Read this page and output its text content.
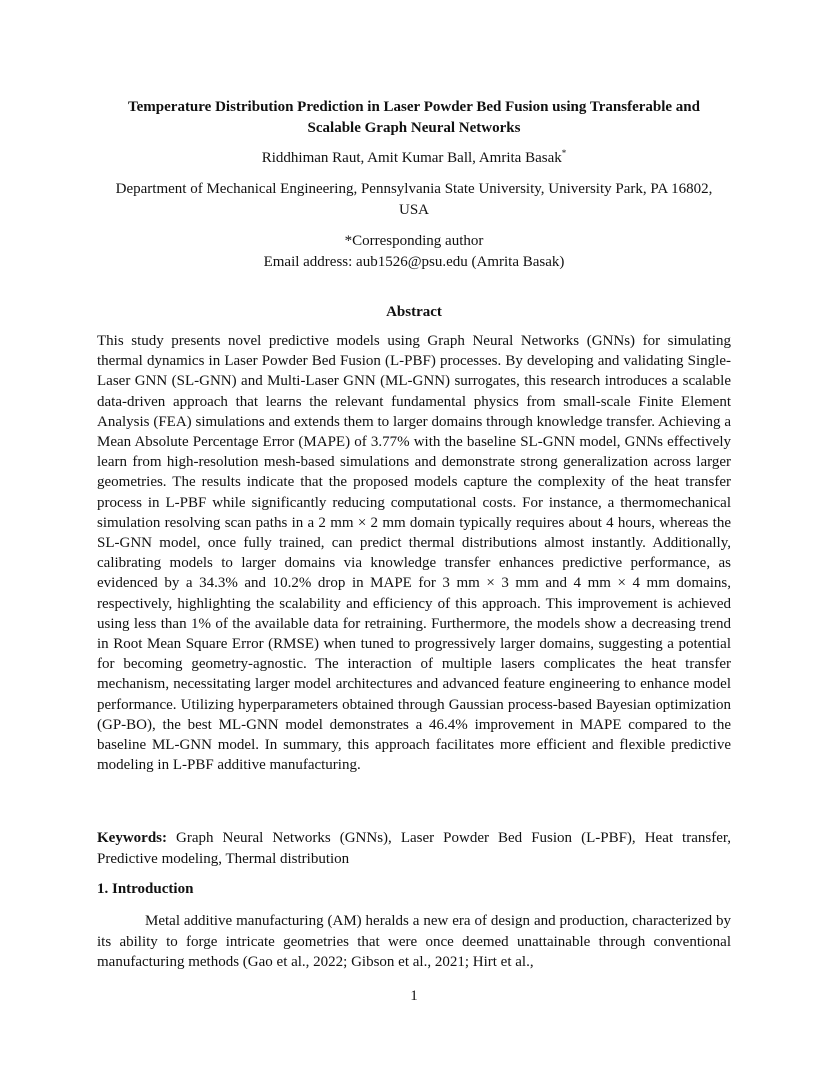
Temperature Distribution Prediction in Laser Powder Bed Fusion using Transferable and
Scalable Graph Neural Networks
Riddhiman Raut, Amit Kumar Ball, Amrita Basak*
Department of Mechanical Engineering, Pennsylvania State University, University Park, PA 16802, USA
*Corresponding author
Email address: aub1526@psu.edu (Amrita Basak)
Abstract

This study presents novel predictive models using Graph Neural Networks (GNNs) for simulating thermal dynamics in Laser Powder Bed Fusion (L-PBF) processes. By developing and validating Single-Laser GNN (SL-GNN) and Multi-Laser GNN (ML-GNN) surrogates, this research introduces a scalable data-driven approach that learns the relevant fundamental physics from small-scale Finite Element Analysis (FEA) simulations and extends them to larger domains through knowledge transfer. Achieving a Mean Absolute Percentage Error (MAPE) of 3.77% with the baseline SL-GNN model, GNNs effectively learn from high-resolution mesh-based simulations and demonstrate strong generalization across larger geometries. The results indicate that the proposed models capture the complexity of the heat transfer process in L-PBF while significantly reducing computational costs. For instance, a thermomechanical simulation resolving scan paths in a 2 mm × 2 mm domain typically requires about 4 hours, whereas the SL-GNN model, once fully trained, can predict thermal distributions almost instantly. Additionally, calibrating models to larger domains via knowledge transfer enhances predictive performance, as evidenced by a 34.3% and 10.2% drop in MAPE for 3 mm × 3 mm and 4 mm × 4 mm domains, respectively, highlighting the scalability and efficiency of this approach. This improvement is achieved using less than 1% of the available data for retraining. Furthermore, the models show a decreasing trend in Root Mean Square Error (RMSE) when tuned to progressively larger domains, suggesting a potential for becoming geometry-agnostic. The interaction of multiple lasers complicates the heat transfer mechanism, necessitating larger model architectures and advanced feature engineering to enhance model performance. Utilizing hyperparameters obtained through Gaussian process-based Bayesian optimization (GP-BO), the best ML-GNN model demonstrates a 46.4% improvement in MAPE compared to the baseline ML-GNN model. In summary, this approach facilitates more efficient and flexible predictive modeling in L-PBF additive manufacturing.

Keywords: Graph Neural Networks (GNNs), Laser Powder Bed Fusion (L-PBF), Heat transfer, Predictive modeling, Thermal distribution

1. Introduction

Metal additive manufacturing (AM) heralds a new era of design and production, characterized by its ability to forge intricate geometries that were once deemed unattainable through conventional manufacturing methods (Gao et al., 2022; Gibson et al., 2021; Hirt et al.,

1
